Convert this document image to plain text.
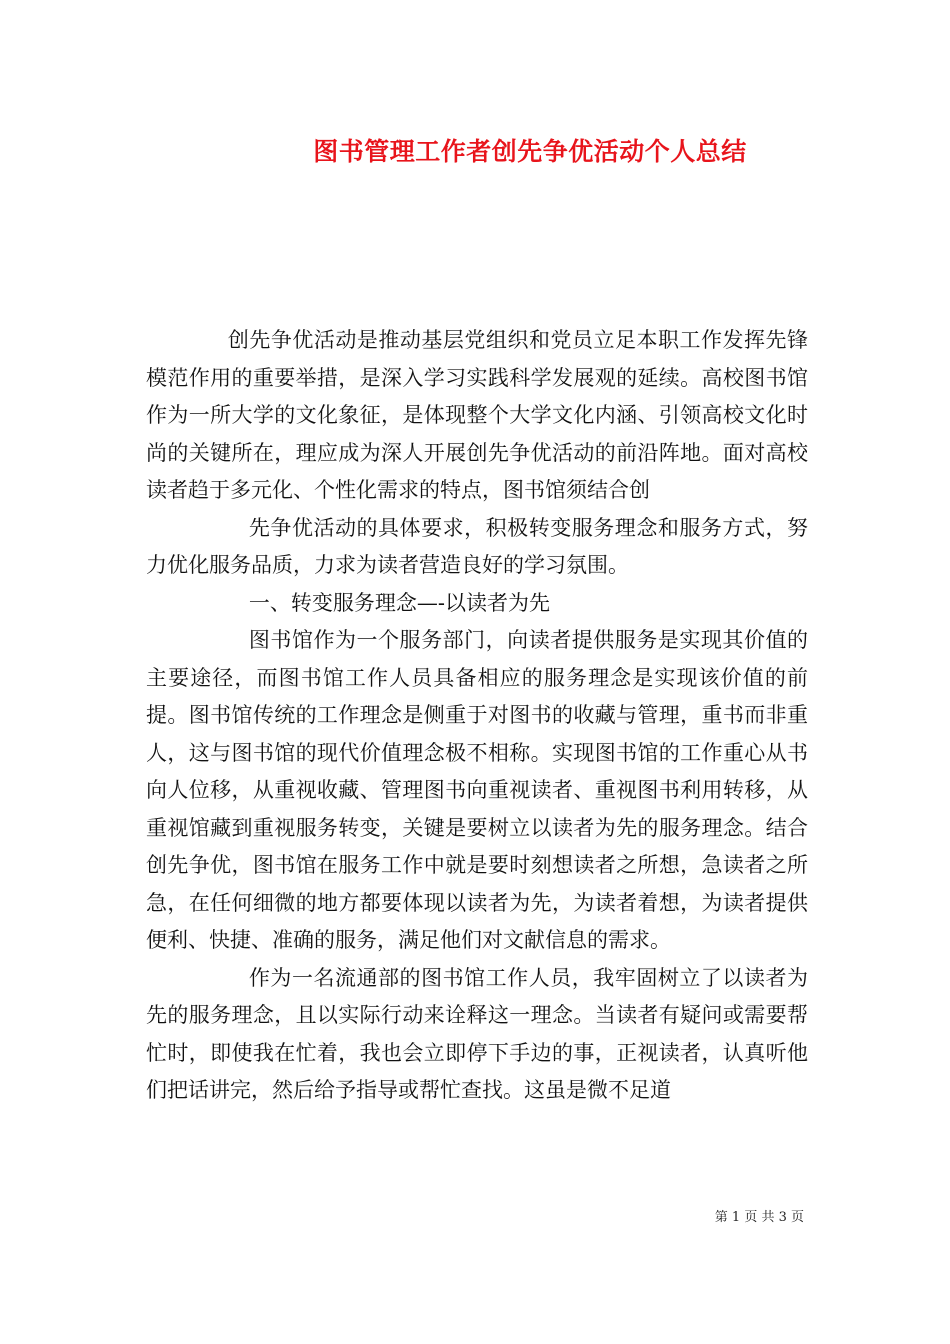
图书管理工作者创先争优活动个人总结

创先争优活动是推动基层党组织和党员立足本职工作发挥先锋模范作用的重要举措，是深入学习实践科学发展观的延续。高校图书馆作为一所大学的文化象征，是体现整个大学文化内涵、引领高校文化时尚的关键所在，理应成为深人开展创先争优活动的前沿阵地。面对高校读者趋于多元化、个性化需求的特点，图书馆须结合创

先争优活动的具体要求，积极转变服务理念和服务方式，努力优化服务品质，力求为读者营造良好的学习氛围。

一、转变服务理念—-以读者为先

图书馆作为一个服务部门，向读者提供服务是实现其价值的主要途径，而图书馆工作人员具备相应的服务理念是实现该价值的前提。图书馆传统的工作理念是侧重于对图书的收藏与管理，重书而非重人，这与图书馆的现代价值理念极不相称。实现图书馆的工作重心从书向人位移，从重视收藏、管理图书向重视读者、重视图书利用转移，从重视馆藏到重视服务转变，关键是要树立以读者为先的服务理念。结合创先争优，图书馆在服务工作中就是要时刻想读者之所想，急读者之所急，在任何细微的地方都要体现以读者为先，为读者着想，为读者提供便利、快捷、准确的服务，满足他们对文献信息的需求。

作为一名流通部的图书馆工作人员，我牢固树立了以读者为先的服务理念，且以实际行动来诠释这一理念。当读者有疑问或需要帮忙时，即使我在忙着，我也会立即停下手边的事，正视读者，认真听他们把话讲完，然后给予指导或帮忙查找。这虽是微不足道

第 1 页 共 3 页
